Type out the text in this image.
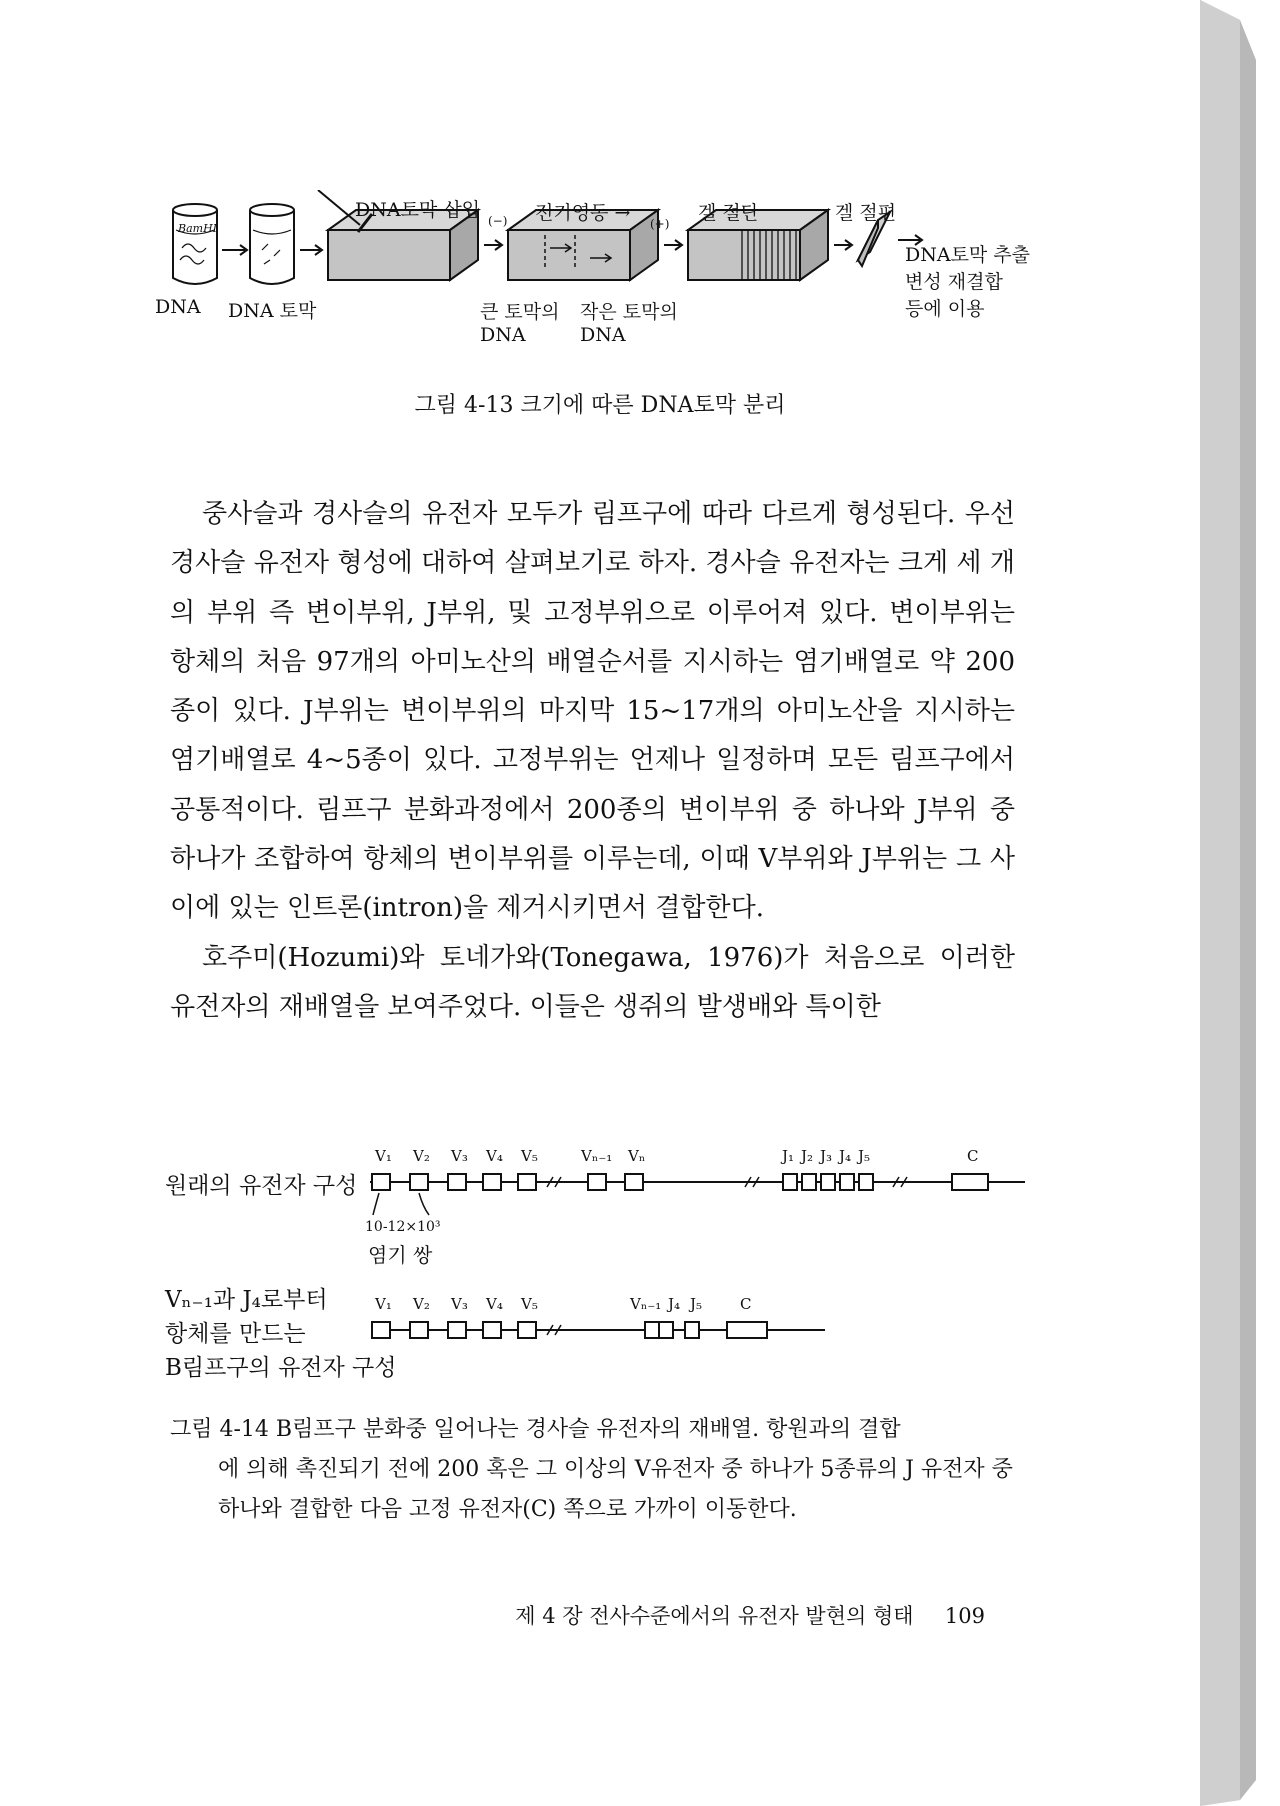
BamHI
DNA DNA 토막
DNA토막 삽입 (−) 전기영동 → (+) 겔 절단	겔 절편
큰 토막의
DNA
작은 토막의
DNA
DNA토막 추출
변성 재결합
등에 이용
그림 4-13 크기에 따른 DNA토막 분리

중사슬과 경사슬의 유전자 모두가 림프구에 따라 다르게 형성된다. 우선 경사슬 유전자 형성에 대하여 살펴보기로 하자. 경사슬 유전자는 크게 세 개의 부위 즉 변이부위, J부위, 및 고정부위으로 이루어져 있다. 변이부위는 항체의 처음 97개의 아미노산의 배열순서를 지시하는 염기배열로 약 200종이 있다. J부위는 변이부위의 마지막 15~17개의 아미노산을 지시하는 염기배열로 4~5종이 있다. 고정부위는 언제나 일정하며 모든 림프구에서 공통적이다. 림프구 분화과정에서 200종의 변이부위 중 하나와 J부위 중 하나가 조합하여 항체의 변이부위를 이루는데, 이때 V부위와 J부위는 그 사이에 있는 인트론(intron)을 제거시키면서 결합한다.

호주미(Hozumi)와 토네가와(Tonegawa, 1976)가 처음으로 이러한 유전자의 재배열을 보여주었다. 이들은 생쥐의 발생배와 특이한

원래의 유전자 구성
V₁ V₂ V₃ V₄ V₅	Vₙ₋₁ Vₙ	J₁ J₂ J₃ J₄ J₅	C
10-12×10³
염기 쌍
Vₙ₋₁과 J₄로부터
항체를 만드는
B림프구의 유전자 구성
V₁ V₂ V₃ V₄ V₅	Vₙ₋₁ J₄ J₅	C
그림 4-14 B림프구 분화중 일어나는 경사슬 유전자의 재배열. 항원과의 결합
에 의해 촉진되기 전에 200 혹은 그 이상의 V유전자 중 하나가 5종류의 J 유전자 중 하나와 결합한 다음 고정 유전자(C) 쪽으로 가까이 이동한다.
제 4 장 전사수준에서의 유전자 발현의 형태 109
